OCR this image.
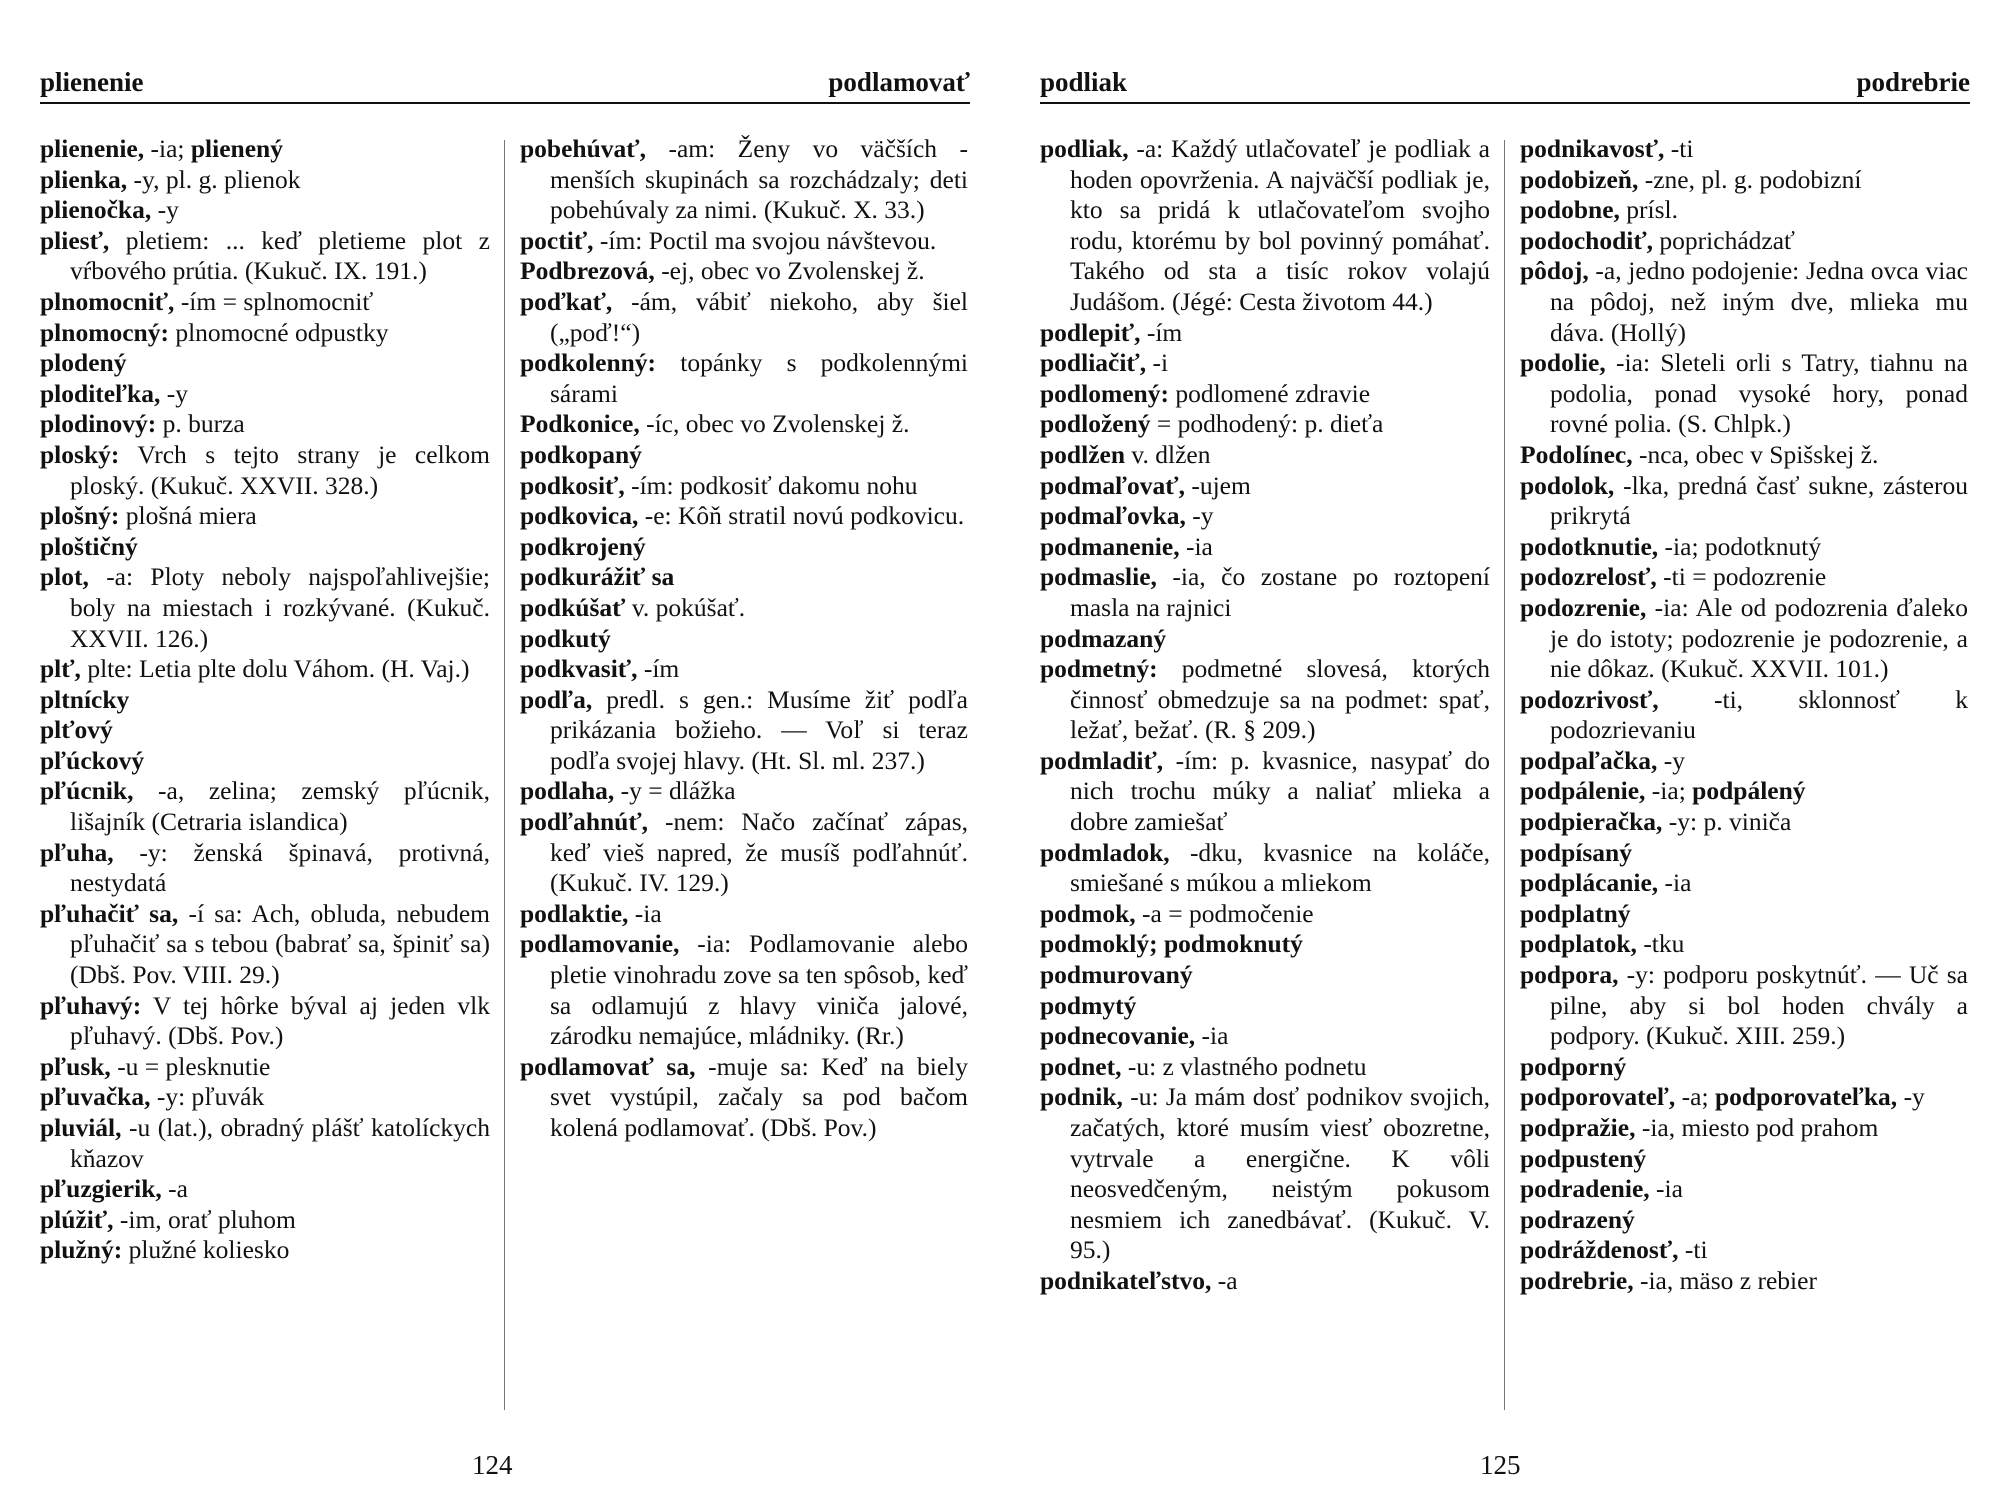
plienenie	podlamovať

plienenie, -ia; plienený

plienka, -y, pl. g. plienok

plienočka, -y

pliesť, pletiem: ... keď pletieme plot z vŕbového prútia. (Kukuč. IX. 191.)

plnomocniť, -ím = splnomocniť

plnomocný: plnomocné odpustky

plodený

ploditeľka, -y

plodinový: p. burza

ploský: Vrch s tejto strany je celkom ploský. (Kukuč. XXVII. 328.)

plošný: plošná miera

ploštičný

plot, -a: Ploty neboly najspoľahlivejšie; boly na miestach i rozkývané. (Kukuč. XXVII. 126.)

plť, plte: Letia plte dolu Váhom. (H. Vaj.)

pltnícky

plťový

pľúckový

pľúcnik, -a, zelina; zemský pľúcnik, lišajník (Cetraria islandica)

pľuha, -y: ženská špinavá, protivná, nestydatá

pľuhačiť sa, -í sa: Ach, obluda, nebudem pľuhačiť sa s tebou (babrať sa, špiniť sa) (Dbš. Pov. VIII. 29.)

pľuhavý: V tej hôrke býval aj jeden vlk pľuhavý. (Dbš. Pov.)

pľusk, -u = plesknutie

pľuvačka, -y: pľuvák

pluviál, -u (lat.), obradný plášť katolíckych kňazov

pľuzgierik, -a

plúžiť, -im, orať pluhom

plužný: plužné koliesko

pobehúvať, -am: Ženy vo väčších - menších skupinách sa rozchádzaly; deti pobehúvaly za nimi. (Kukuč. X. 33.)

poctiť, -ím: Poctil ma svojou návštevou.

Podbrezová, -ej, obec vo Zvolenskej ž.

poďkať, -ám, vábiť niekoho, aby šiel („poď!“)

podkolenný: topánky s podkolennými sárami

Podkonice, -íc, obec vo Zvolenskej ž.

podkopaný

podkosiť, -ím: podkosiť dakomu nohu

podkovica, -e: Kôň stratil novú podkovicu.

podkrojený

podkurážiť sa

podkúšať v. pokúšať.

podkutý

podkvasiť, -ím

podľa, predl. s gen.: Musíme žiť podľa prikázania božieho. — Voľ si teraz podľa svojej hlavy. (Ht. Sl. ml. 237.)

podlaha, -y = dlážka

podľahnúť, -nem: Načo začínať zápas, keď vieš napred, že musíš podľahnúť. (Kukuč. IV. 129.)

podlaktie, -ia

podlamovanie, -ia: Podlamovanie alebo pletie vinohradu zove sa ten spôsob, keď sa odlamujú z hlavy viniča jalové, zárodku nemajúce, mládniky. (Rr.)

podlamovať sa, -muje sa: Keď na biely svet vystúpil, začaly sa pod bačom kolená podlamovať. (Dbš. Pov.)

124
podliak	podrebrie

podliak, -a: Každý utlačovateľ je podliak a hoden opovrženia. A najväčší podliak je, kto sa pridá k utlačovateľom svojho rodu, ktorému by bol povinný pomáhať. Takého od sta a tisíc rokov volajú Judášom. (Jégé: Cesta životom 44.)

podlepiť, -ím

podliačiť, -i

podlomený: podlomené zdravie

podložený = podhodený: p. dieťa

podlžen v. dlžen

podmaľovať, -ujem

podmaľovka, -y

podmanenie, -ia

podmaslie, -ia, čo zostane po roztopení masla na rajnici

podmazaný

podmetný: podmetné slovesá, ktorých činnosť obmedzuje sa na podmet: spať, ležať, bežať. (R. § 209.)

podmladiť, -ím: p. kvasnice, nasypať do nich trochu múky a naliať mlieka a dobre zamiešať

podmladok, -dku, kvasnice na koláče, smiešané s múkou a mliekom

podmok, -a = podmočenie

podmoklý; podmoknutý

podmurovaný

podmytý

podnecovanie, -ia

podnet, -u: z vlastného podnetu

podnik, -u: Ja mám dosť podnikov svojich, začatých, ktoré musím viesť obozretne, vytrvale a energične. K vôli neosvedčeným, neistým pokusom nesmiem ich zanedbávať. (Kukuč. V. 95.)

podnikateľstvo, -a

podnikavosť, -ti

podobizeň, -zne, pl. g. podobizní

podobne, prísl.

podochodiť, poprichádzať

pôdoj, -a, jedno podojenie: Jedna ovca viac na pôdoj, než iným dve, mlieka mu dáva. (Hollý)

podolie, -ia: Sleteli orli s Tatry, tiahnu na podolia, ponad vysoké hory, ponad rovné polia. (S. Chlpk.)

Podolínec, -nca, obec v Spišskej ž.

podolok, -lka, predná časť sukne, zásterou prikrytá

podotknutie, -ia; podotknutý

podozrelosť, -ti = podozrenie

podozrenie, -ia: Ale od podozrenia ďaleko je do istoty; podozrenie je podozrenie, a nie dôkaz. (Kukuč. XXVII. 101.)

podozrivosť, -ti, sklonnosť k podozrievaniu

podpaľačka, -y

podpálenie, -ia; podpálený

podpieračka, -y: p. viniča

podpísaný

podplácanie, -ia

podplatný

podplatok, -tku

podpora, -y: podporu poskytnúť. — Uč sa pilne, aby si bol hoden chvály a podpory. (Kukuč. XIII. 259.)

podporný

podporovateľ, -a; podporovateľka, -y

podpražie, -ia, miesto pod prahom

podpustený

podradenie, -ia

podrazený

podráždenosť, -ti

podrebrie, -ia, mäso z rebier

125
